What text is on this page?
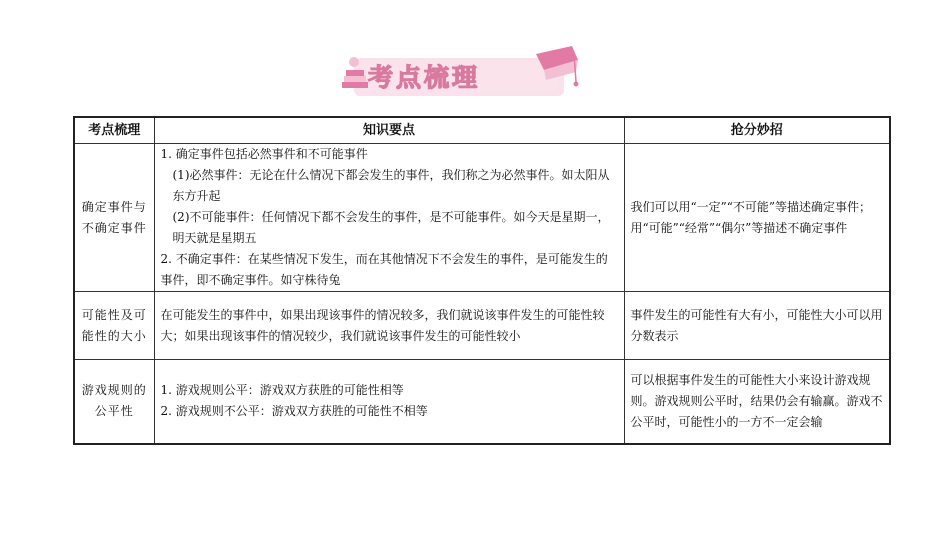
考点梳理
考点梳理	知识要点	抢分妙招
确定事件与不确定事件	1. 确定事件包括必然事件和不可能事件
(1)必然事件：无论在什么情况下都会发生的事件，我们称之为必然事件。如太阳从东方升起
(2)不可能事件：任何情况下都不会发生的事件，是不可能事件。如今天是星期一，明天就是星期五
2. 不确定事件：在某些情况下发生，而在其他情况下不会发生的事件，是可能发生的事件，即不确定事件。如守株待兔	我们可以用“一定”“不可能”等描述确定事件；用“可能”“经常”“偶尔”等描述不确定事件
可能性及可能性的大小	在可能发生的事件中，如果出现该事件的情况较多，我们就说该事件发生的可能性较大；如果出现该事件的情况较少，我们就说该事件发生的可能性较小	事件发生的可能性有大有小，可能性大小可以用分数表示
游戏规则的公平性	1. 游戏规则公平：游戏双方获胜的可能性相等
2. 游戏规则不公平：游戏双方获胜的可能性不相等	可以根据事件发生的可能性大小来设计游戏规则。游戏规则公平时，结果仍会有输赢。游戏不公平时，可能性小的一方不一定会输
